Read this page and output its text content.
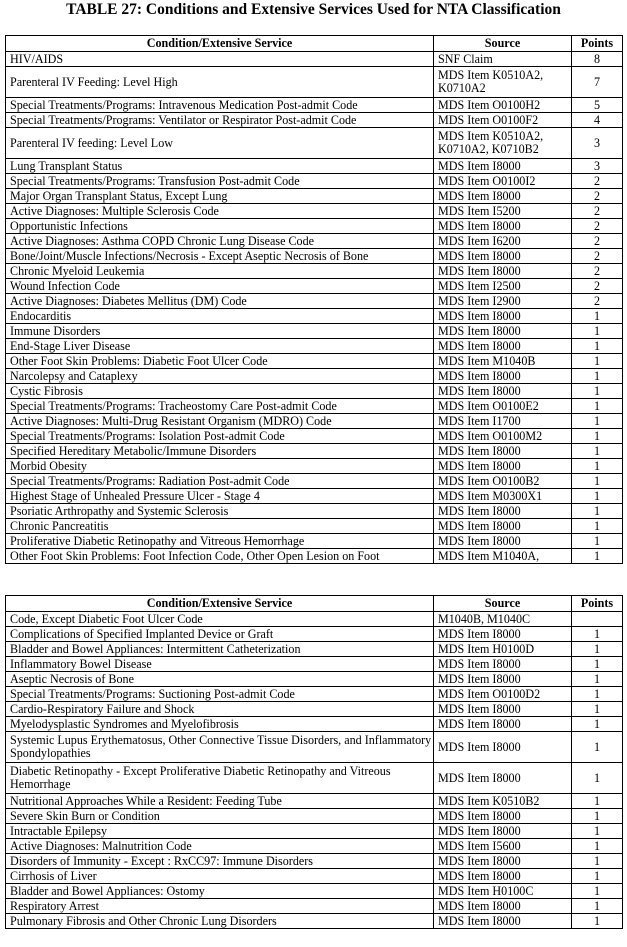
TABLE 27: Conditions and Extensive Services Used for NTA Classification
Condition/Extensive Service	Source	Points
HIV/AIDS	SNF Claim	8
Parenteral IV Feeding: Level High	MDS Item K0510A2, K0710A2	7
Special Treatments/Programs: Intravenous Medication Post-admit Code	MDS Item O0100H2	5
Special Treatments/Programs: Ventilator or Respirator Post-admit Code	MDS Item O0100F2	4
Parenteral IV feeding: Level Low	MDS Item K0510A2, K0710A2, K0710B2	3
Lung Transplant Status	MDS Item I8000	3
Special Treatments/Programs: Transfusion Post-admit Code	MDS Item O0100I2	2
Major Organ Transplant Status, Except Lung	MDS Item I8000	2
Active Diagnoses: Multiple Sclerosis Code	MDS Item I5200	2
Opportunistic Infections	MDS Item I8000	2
Active Diagnoses: Asthma COPD Chronic Lung Disease Code	MDS Item I6200	2
Bone/Joint/Muscle Infections/Necrosis - Except Aseptic Necrosis of Bone	MDS Item I8000	2
Chronic Myeloid Leukemia	MDS Item I8000	2
Wound Infection Code	MDS Item I2500	2
Active Diagnoses: Diabetes Mellitus (DM) Code	MDS Item I2900	2
Endocarditis	MDS Item I8000	1
Immune Disorders	MDS Item I8000	1
End-Stage Liver Disease	MDS Item I8000	1
Other Foot Skin Problems: Diabetic Foot Ulcer Code	MDS Item M1040B	1
Narcolepsy and Cataplexy	MDS Item I8000	1
Cystic Fibrosis	MDS Item I8000	1
Special Treatments/Programs: Tracheostomy Care Post-admit Code	MDS Item O0100E2	1
Active Diagnoses: Multi-Drug Resistant Organism (MDRO) Code	MDS Item I1700	1
Special Treatments/Programs: Isolation Post-admit Code	MDS Item O0100M2	1
Specified Hereditary Metabolic/Immune Disorders	MDS Item I8000	1
Morbid Obesity	MDS Item I8000	1
Special Treatments/Programs: Radiation Post-admit Code	MDS Item O0100B2	1
Highest Stage of Unhealed Pressure Ulcer - Stage 4	MDS Item M0300X1	1
Psoriatic Arthropathy and Systemic Sclerosis	MDS Item I8000	1
Chronic Pancreatitis	MDS Item I8000	1
Proliferative Diabetic Retinopathy and Vitreous Hemorrhage	MDS Item I8000	1
Other Foot Skin Problems: Foot Infection Code, Other Open Lesion on Foot	MDS Item M1040A,	1
Condition/Extensive Service	Source	Points
Code, Except Diabetic Foot Ulcer Code	M1040B, M1040C	
Complications of Specified Implanted Device or Graft	MDS Item I8000	1
Bladder and Bowel Appliances: Intermittent Catheterization	MDS Item H0100D	1
Inflammatory Bowel Disease	MDS Item I8000	1
Aseptic Necrosis of Bone	MDS Item I8000	1
Special Treatments/Programs: Suctioning Post-admit Code	MDS Item O0100D2	1
Cardio-Respiratory Failure and Shock	MDS Item I8000	1
Myelodysplastic Syndromes and Myelofibrosis	MDS Item I8000	1
Systemic Lupus Erythematosus, Other Connective Tissue Disorders, and Inflammatory Spondylopathies	MDS Item I8000	1
Diabetic Retinopathy - Except Proliferative Diabetic Retinopathy and Vitreous Hemorrhage	MDS Item I8000	1
Nutritional Approaches While a Resident: Feeding Tube	MDS Item K0510B2	1
Severe Skin Burn or Condition	MDS Item I8000	1
Intractable Epilepsy	MDS Item I8000	1
Active Diagnoses: Malnutrition Code	MDS Item I5600	1
Disorders of Immunity - Except : RxCC97: Immune Disorders	MDS Item I8000	1
Cirrhosis of Liver	MDS Item I8000	1
Bladder and Bowel Appliances: Ostomy	MDS Item H0100C	1
Respiratory Arrest	MDS Item I8000	1
Pulmonary Fibrosis and Other Chronic Lung Disorders	MDS Item I8000	1
